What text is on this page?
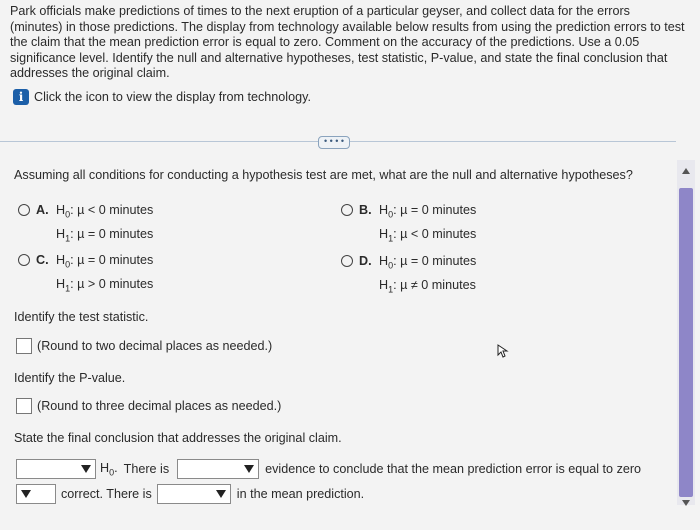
Park officials make predictions of times to the next eruption of a particular geyser, and collect data for the errors (minutes) in those predictions. The display from technology available below results from using the prediction errors to test the claim that the mean prediction error is equal to zero. Comment on the accuracy of the predictions. Use a 0.05 significance level. Identify the null and alternative hypotheses, test statistic, P-value, and state the final conclusion that addresses the original claim.
i Click the icon to view the display from technology.
• • • •
Assuming all conditions for conducting a hypothesis test are met, what are the null and alternative hypotheses?
A. $H_0$: µ < 0 minutes
$H_1$: µ = 0 minutes
B. $H_0$: µ = 0 minutes
$H_1$: µ < 0 minutes
C. $H_0$: µ = 0 minutes
$H_1$: µ > 0 minutes
D. $H_0$: µ = 0 minutes
$H_1$: µ ≠ 0 minutes
Identify the test statistic.
(Round to two decimal places as needed.)
Identify the P-value.
(Round to three decimal places as needed.)
State the final conclusion that addresses the original claim.
$H_0$. There is	evidence to conclude that the mean prediction error is equal to zero
correct. There is	in the mean prediction.
